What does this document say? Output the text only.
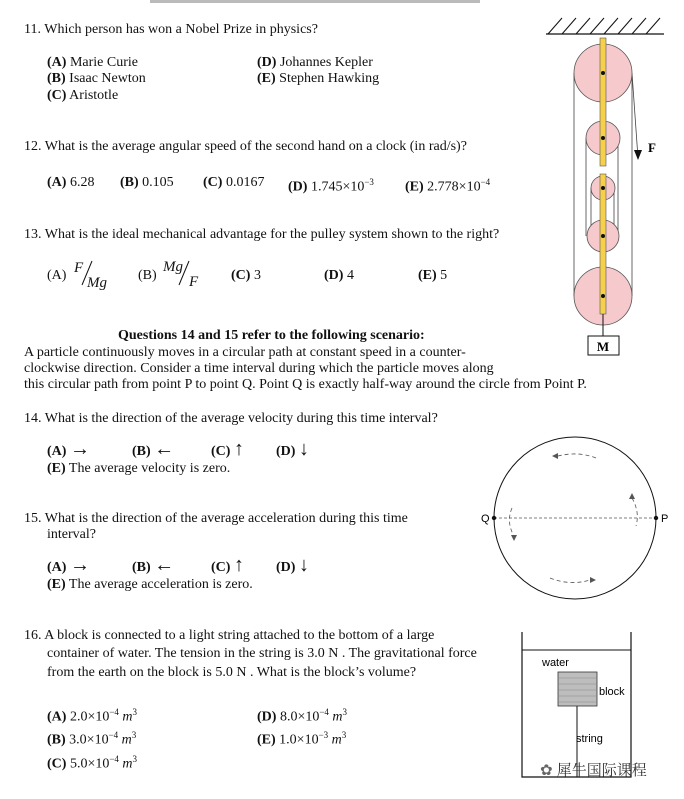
11. Which person has won a Nobel Prize in physics?
(A) Marie Curie
(B) Isaac Newton
(C) Aristotle
(D) Johannes Kepler
(E) Stephen Hawking
12. What is the average angular speed of the second hand on a clock (in rad/s)?
(A) 6.28 (B) 0.105 (C) 0.0167 (D) $1.745\times 10^{-3}$ (E) $2.778\times 10^{-4}$
13. What is the ideal mechanical advantage for the pulley system shown to the right?
(A) F
Mg (B)
Mg
F (C) 3	(D) 4	(E) 5
Questions 14 and 15 refer to the following scenario:
A particle continuously moves in a circular path at constant speed in a counter-
clockwise direction. Consider a time interval during which the particle moves along
this circular path from point P to point Q. Point Q is exactly half-way around the circle from Point P.
14. What is the direction of the average velocity during this time interval?
(A) →	(B) ←	(C) ↑ (D) ↓
(E) The average velocity is zero.
15. What is the direction of the average acceleration during this time
interval?
(A) →	(B) ←	(C) ↑ (D) ↓
(E) The average acceleration is zero.
16. A block is connected to a light string attached to the bottom of a large
container of water. The tension in the string is 3.0 N . The gravitational force
from the earth on the block is 5.0 N . What is the block’s volume?
(A) $2.0\times 10^{-4}$ $m^3$
(B) $3.0\times 10^{-4}$ $m^3$
(C) $5.0\times 10^{-4}$ $m^3$
(D) $8.0\times 10^{-4}$ $m^3$
(E) $1.0\times 10^{-3}$ $m^3$
M
F
Q	P
water
block
string
✿ 犀牛国际课程
